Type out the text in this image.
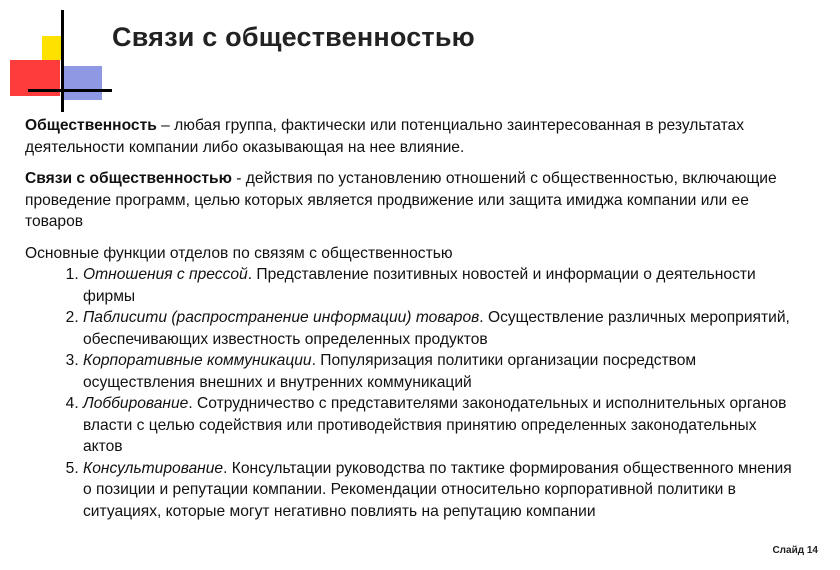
Связи с общественностью

Общественность – любая группа, фактически или потенциально заинтересованная в результатах деятельности компании либо оказывающая на нее влияние.

Связи с общественностью - действия по установлению отношений с общественностью, включающие проведение программ, целью которых является продвижение или защита имиджа компании или ее товаров

Основные функции отделов по связям с общественностью

1. Отношения с прессой. Представление позитивных новостей и информации о деятельности фирмы
2. Паблисити (распространение информации) товаров. Осуществление различных мероприятий, обеспечивающих известность определенных продуктов
3. Корпоративные коммуникации. Популяризация политики организации посредством осуществления внешних и внутренних коммуникаций
4. Лоббирование. Сотрудничество с представителями законодательных и исполнительных органов власти с целью содействия или противодействия принятию определенных законодательных актов
5. Консультирование. Консультации руководства по тактике формирования общественного мнения о позиции и репутации компании. Рекомендации относительно корпоративной политики в ситуациях, которые могут негативно повлиять на репутацию компании
Слайд 14
